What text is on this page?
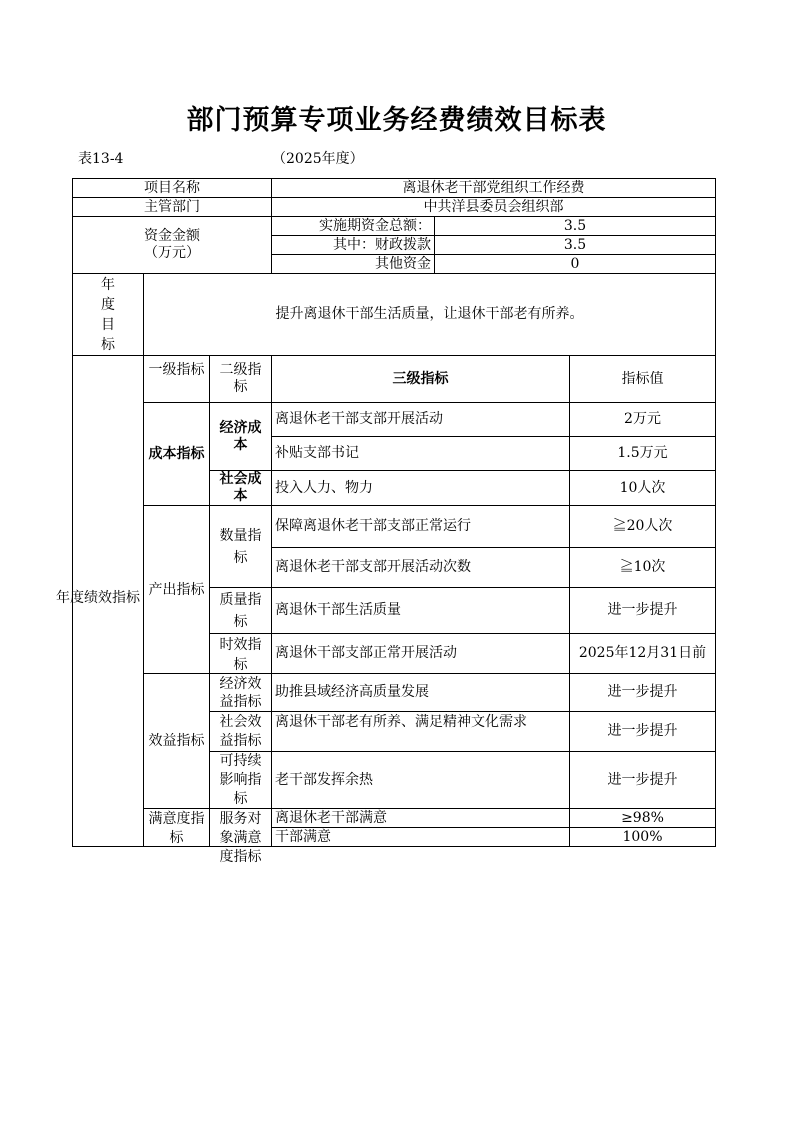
部门预算专项业务经费绩效目标表
表13-4	（2025年度）
项目名称			离退休老干部党组织工作经费		
主管部门			中共洋县委员会组织部		

资金金额
（万元）			实施期资金总额：	3.5	
			其中：财政拨款	3.5	
			其他资金	0	

年度目标	提升离退休干部生活质量，让退休干部老有所养。				

年度绩效指标	一级指标	二级指标	三级指标		指标值

	成本指标	经济成本	离退休老干部支部开展活动		2万元
			补贴支部书记		1.5万元

		社会成本	投入人力、物力		10人次

	产出指标	数量指标	保障离退休老干部支部正常运行		≧20人次
			离退休老干部支部开展活动次数		≧10次

		质量指标	离退休干部生活质量		进一步提升

		时效指标	离退休干部支部正常开展活动		2025年12月31日前

	效益指标	经济效益指标	助推县域经济高质量发展		进一步提升

		社会效益指标	离退休干部老有所养、满足精神文化需求		进一步提升

		可持续影响指标	老干部发挥余热		进一步提升

	满意度指标	服务对象满意度指标	离退休老干部满意		≥98%
			干部满意		100%
